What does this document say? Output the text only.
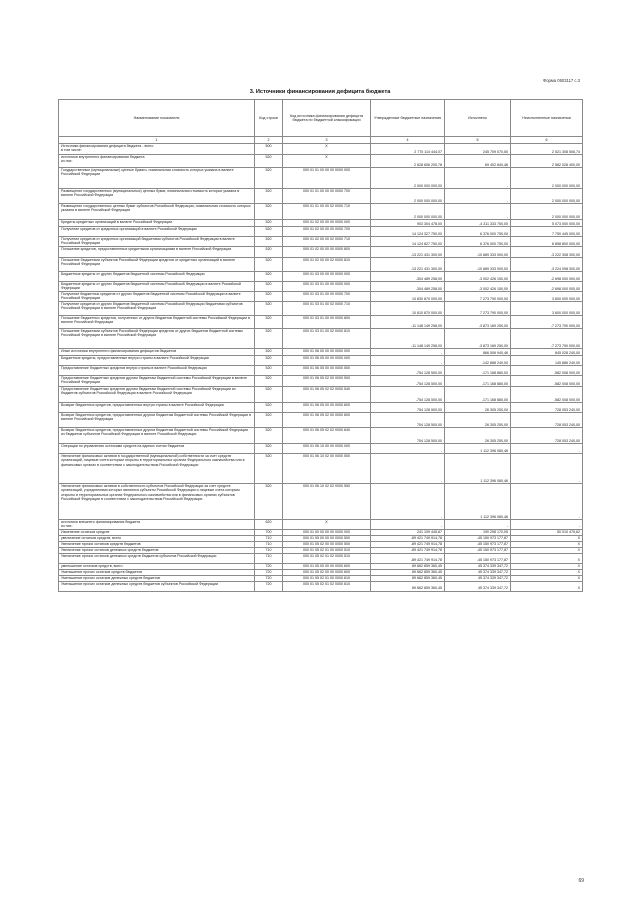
Форма 0503117 с.3
3. Источники финансирования дефицита бюджета
Наименование показателя	Код строки	Код источника финансирования дефицита бюджета по бюджетной классификации	Утвержденные бюджетные назначения	Исполнено	Неисполненные назначения
1	2	3	4	5	6
Источники финансирования дефицита бюджета - всего
в том числе:	500	X	2 770 114 444,07	245 709 070,50	2 521 308 506,74
источники внутреннего финансирования бюджета
из них:	520	X	2 628 606 200,78	69 402 840,46	2 582 028 400,00
Государственные (муниципальные) ценные бумаги, номинальная стоимость которых указана в валюте Российской Федерации	520	000 01 01 00 00 00 0000 000	2 000 000 000,00	-	2 000 000 000,00
Размещение государственных (муниципальных) ценных бумаг, номинальная стоимость которых указана в валюте Российской Федерации	520	000 01 01 00 00 00 0000 700	2 000 000 000,00	-	2 000 000 000,00
Размещение государственных ценных бумаг субъектов Российской Федерации, номинальная стоимость которых указана в валюте Российской Федерации	520	000 01 01 00 00 02 0000 710	2 000 000 000,00	-	2 000 000 000,00
Кредиты кредитных организаций в валюте Российской Федерации	520	000 01 02 00 00 00 0000 000	903 304 478,00	-4 311 333 750,00	5 073 000 000,00
Получение кредитов от кредитных организаций в валюте Российской Федерации	520	000 01 02 00 00 00 0000 700	14 124 327 750,00	6 376 000 750,00	7 750 445 000,00
Получение кредитов от кредитных организаций бюджетами субъектов Российской Федерации в валюте Российской Федерации	520	000 01 02 00 00 02 0000 710	14 124 827 750,00	6 376 000 750,00	6 898 800 000,00
Погашение кредитов, предоставленных кредитными организациями в валюте Российской Федерации	520	000 01 02 00 00 00 0000 800	-13 221 431 300,00	-10 689 333 000,00	-3 222 308 300,00
Погашение бюджетами субъектов Российской Федерации кредитов от кредитных организаций в валюте Российской Федерации	520	000 01 02 00 00 02 0000 810	-13 221 431 300,00	-10 689 333 000,00	-3 224 098 300,00
Бюджетные кредиты от других бюджетов бюджетной системы Российской Федерации	520	000 01 03 00 00 00 0000 000	-304 489 258,00	-3 002 426 150,00	-2 698 000 000,00
Бюджетные кредиты от других бюджетов бюджетной системы Российской Федерации в валюте Российской Федерации	520	000 01 03 01 00 00 0000 000	-304 489 258,00	-3 002 426 150,00	-2 698 000 000,00
Получение бюджетных кредитов от других бюджетов бюджетной системы Российской Федерации в валюте Российской Федерации	520	000 01 03 01 00 00 0000 700	10 830 870 000,00	7 273 790 000,00	3 600 000 000,00
Получение кредитов от других бюджетов бюджетной системы Российской Федерации бюджетами субъектов Российской Федерации в валюте Российской Федерации	520	000 01 03 01 00 02 0000 710	10 810 870 000,00	7 273 790 000,00	3 600 000 000,00
Погашение бюджетных кредитов, полученных от других бюджетов бюджетной системы Российской Федерации в валюте Российской Федерации	520	000 01 03 01 00 00 0000 800	-11 148 149 258,00	-3 873 169 250,00	-7 273 790 000,00
Погашение бюджетами субъектов Российской Федерации кредитов от других бюджетов бюджетной системы Российской Федерации в валюте Российской Федерации	520	000 01 03 01 00 02 0000 810	-11 148 149 258,00	-3 873 169 250,00	-7 273 790 000,00
Иные источники внутреннего финансирования дефицитов бюджетов	520	000 01 06 00 00 00 0000 000	-	866 506 940,46	845 028 240,00
Бюджетные кредиты, предоставленные внутри страны в валюте Российской Федерации	520	000 01 06 05 00 00 0000 000	-	-142 888 240,00	145 886 240,00
Предоставление бюджетных кредитов внутри страны в валюте Российской Федерации	520	000 01 06 05 00 00 0000 500	-754 128 500,00	-171 168 880,00	-582 008 000,00
Предоставление бюджетных кредитов другим бюджетам бюджетной системы Российской Федерации в валюте Российской Федерации	520	000 01 06 05 02 00 0000 500	-754 128 500,00	-171 168 880,00	-582 008 000,00
Предоставление бюджетных кредитов другим бюджетам бюджетной системы Российской Федерации из бюджетов субъектов Российской Федерации в валюте Российской Федерации	520	000 01 06 05 02 02 0000 540	-754 128 500,00	-171 168 880,00	-582 008 000,00
Возврат бюджетных кредитов, предоставленных внутри страны в валюте Российской Федерации	520	000 01 06 05 00 00 0000 600	754 128 500,00	26 305 250,00	728 053 240,00
Возврат бюджетных кредитов, предоставленных другим бюджетам бюджетной системы Российской Федерации в валюте Российской Федерации	520	000 01 06 05 02 00 0000 600	754 128 500,00	26 305 250,00	728 053 240,00
Возврат бюджетных кредитов, предоставленных другим бюджетам бюджетной системы Российской Федерации из бюджетов субъектов Российской Федерации в валюте Российской Федерации	520	000 01 06 05 02 02 0000 640	754 128 500,00	26 305 250,00	728 053 240,00
Операции по управлению остатками средств на единых счетах бюджетов	520	000 01 06 10 00 00 0000 000	-	1 112 396 080,46	-
Увеличение финансовых активов в государственной (муниципальной) собственности за счет средств организаций, лицевые счета которым открыты в территориальных органах Федерального казначейства или в финансовых органах в соответствии с законодательством Российской Федерации	520	000 01 06 10 02 00 0000 500	-	1 112 396 080,46	-
Увеличение финансовых активов в собственности субъектов Российской Федерации за счет средств организаций, учредителями которых являются субъекты Российской Федерации и лицевые счета которым открыты в территориальных органах Федерального казначейства или в финансовых органах субъектов Российской Федерации в соответствии с законодательством Российской Федерации	520	000 01 06 10 02 02 0000 550	-	1 112 396 080,46	-
источники внешнего финансирования бюджета
из них:	620	X	-	-	-
Изменение остатков средств	700	000 01 00 00 00 00 0000 000	241 109 445,67	190 298 170,05	50 010 475,62
увеличение остатков средств, всего	710	000 01 05 00 00 00 0000 500	-89 421 749 914,78	-45 150 973 177,87	X
Увеличение прочих остатков средств бюджетов	710	000 01 05 02 00 00 0000 500	-89 421 749 914,78	-45 150 973 177,87	X
Увеличение прочих остатков денежных средств бюджетов	710	000 01 05 02 01 00 0000 510	-89 421 749 914,78	-45 150 973 177,87	X
Увеличение прочих остатков денежных средств бюджетов субъектов Российской Федерации	710	000 01 05 02 01 02 0000 510	-89 421 749 914,78	-45 150 973 177,87	X
уменьшение остатков средств, всего	720	000 01 05 00 00 00 0000 600	89 662 859 360,45	45 374 339 347,72	X
Уменьшение прочих остатков средств бюджетов	720	000 01 05 02 00 00 0000 600	89 662 859 360,45	45 374 339 347,72	X
Уменьшение прочих остатков денежных средств бюджетов	720	000 01 05 02 01 00 0000 610	89 662 859 360,45	45 374 339 347,72	X
Уменьшение прочих остатков денежных средств бюджетов субъектов Российской Федерации	720	000 01 05 02 01 02 0000 610	89 662 859 360,45	45 374 339 347,72	X
69
